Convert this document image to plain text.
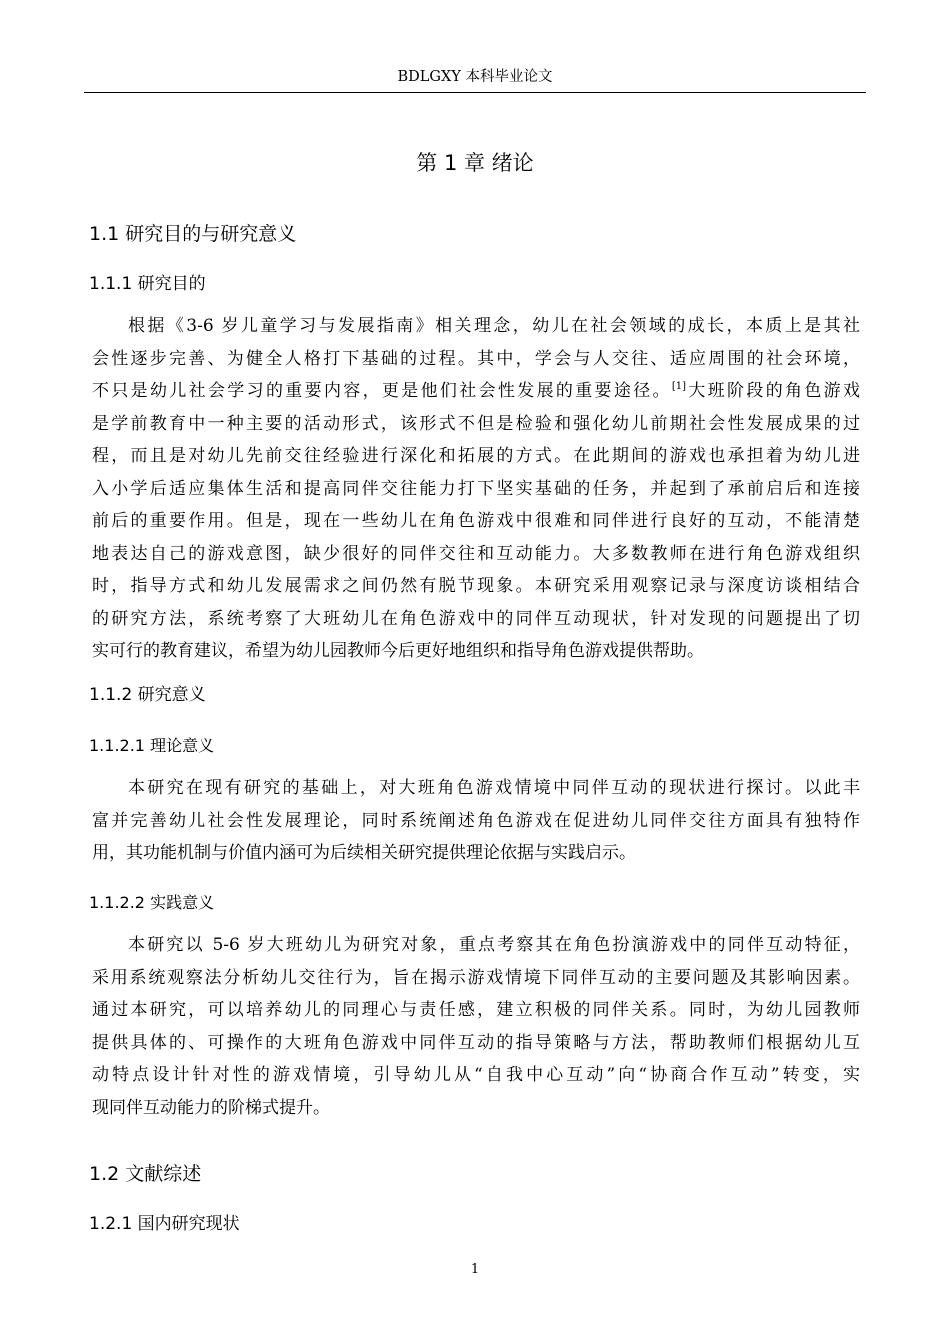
BDLGXY 本科毕业论文
第 1 章 绪论
1.1 研究目的与研究意义
1.1.1 研究目的
根据《3-6 岁儿童学习与发展指南》相关理念，幼儿在社会领域的成长，本质上是其社
会性逐步完善、为健全人格打下基础的过程。其中，学会与人交往、适应周围的社会环境，
不只是幼儿社会学习的重要内容，更是他们社会性发展的重要途径。[1]大班阶段的角色游戏
是学前教育中一种主要的活动形式，该形式不但是检验和强化幼儿前期社会性发展成果的过
程，而且是对幼儿先前交往经验进行深化和拓展的方式。在此期间的游戏也承担着为幼儿进
入小学后适应集体生活和提高同伴交往能力打下坚实基础的任务，并起到了承前启后和连接
前后的重要作用。但是，现在一些幼儿在角色游戏中很难和同伴进行良好的互动，不能清楚
地表达自己的游戏意图，缺少很好的同伴交往和互动能力。大多数教师在进行角色游戏组织
时，指导方式和幼儿发展需求之间仍然有脱节现象。本研究采用观察记录与深度访谈相结合
的研究方法，系统考察了大班幼儿在角色游戏中的同伴互动现状，针对发现的问题提出了切
实可行的教育建议，希望为幼儿园教师今后更好地组织和指导角色游戏提供帮助。
1.1.2 研究意义
1.1.2.1 理论意义
本研究在现有研究的基础上，对大班角色游戏情境中同伴互动的现状进行探讨。以此丰
富并完善幼儿社会性发展理论，同时系统阐述角色游戏在促进幼儿同伴交往方面具有独特作
用，其功能机制与价值内涵可为后续相关研究提供理论依据与实践启示。
1.1.2.2 实践意义
本研究以 5-6 岁大班幼儿为研究对象，重点考察其在角色扮演游戏中的同伴互动特征，
采用系统观察法分析幼儿交往行为，旨在揭示游戏情境下同伴互动的主要问题及其影响因素。
通过本研究，可以培养幼儿的同理心与责任感，建立积极的同伴关系。同时，为幼儿园教师
提供具体的、可操作的大班角色游戏中同伴互动的指导策略与方法，帮助教师们根据幼儿互
动特点设计针对性的游戏情境，引导幼儿从“自我中心互动”向“协商合作互动”转变，实
现同伴互动能力的阶梯式提升。
1.2 文献综述
1.2.1 国内研究现状
1
